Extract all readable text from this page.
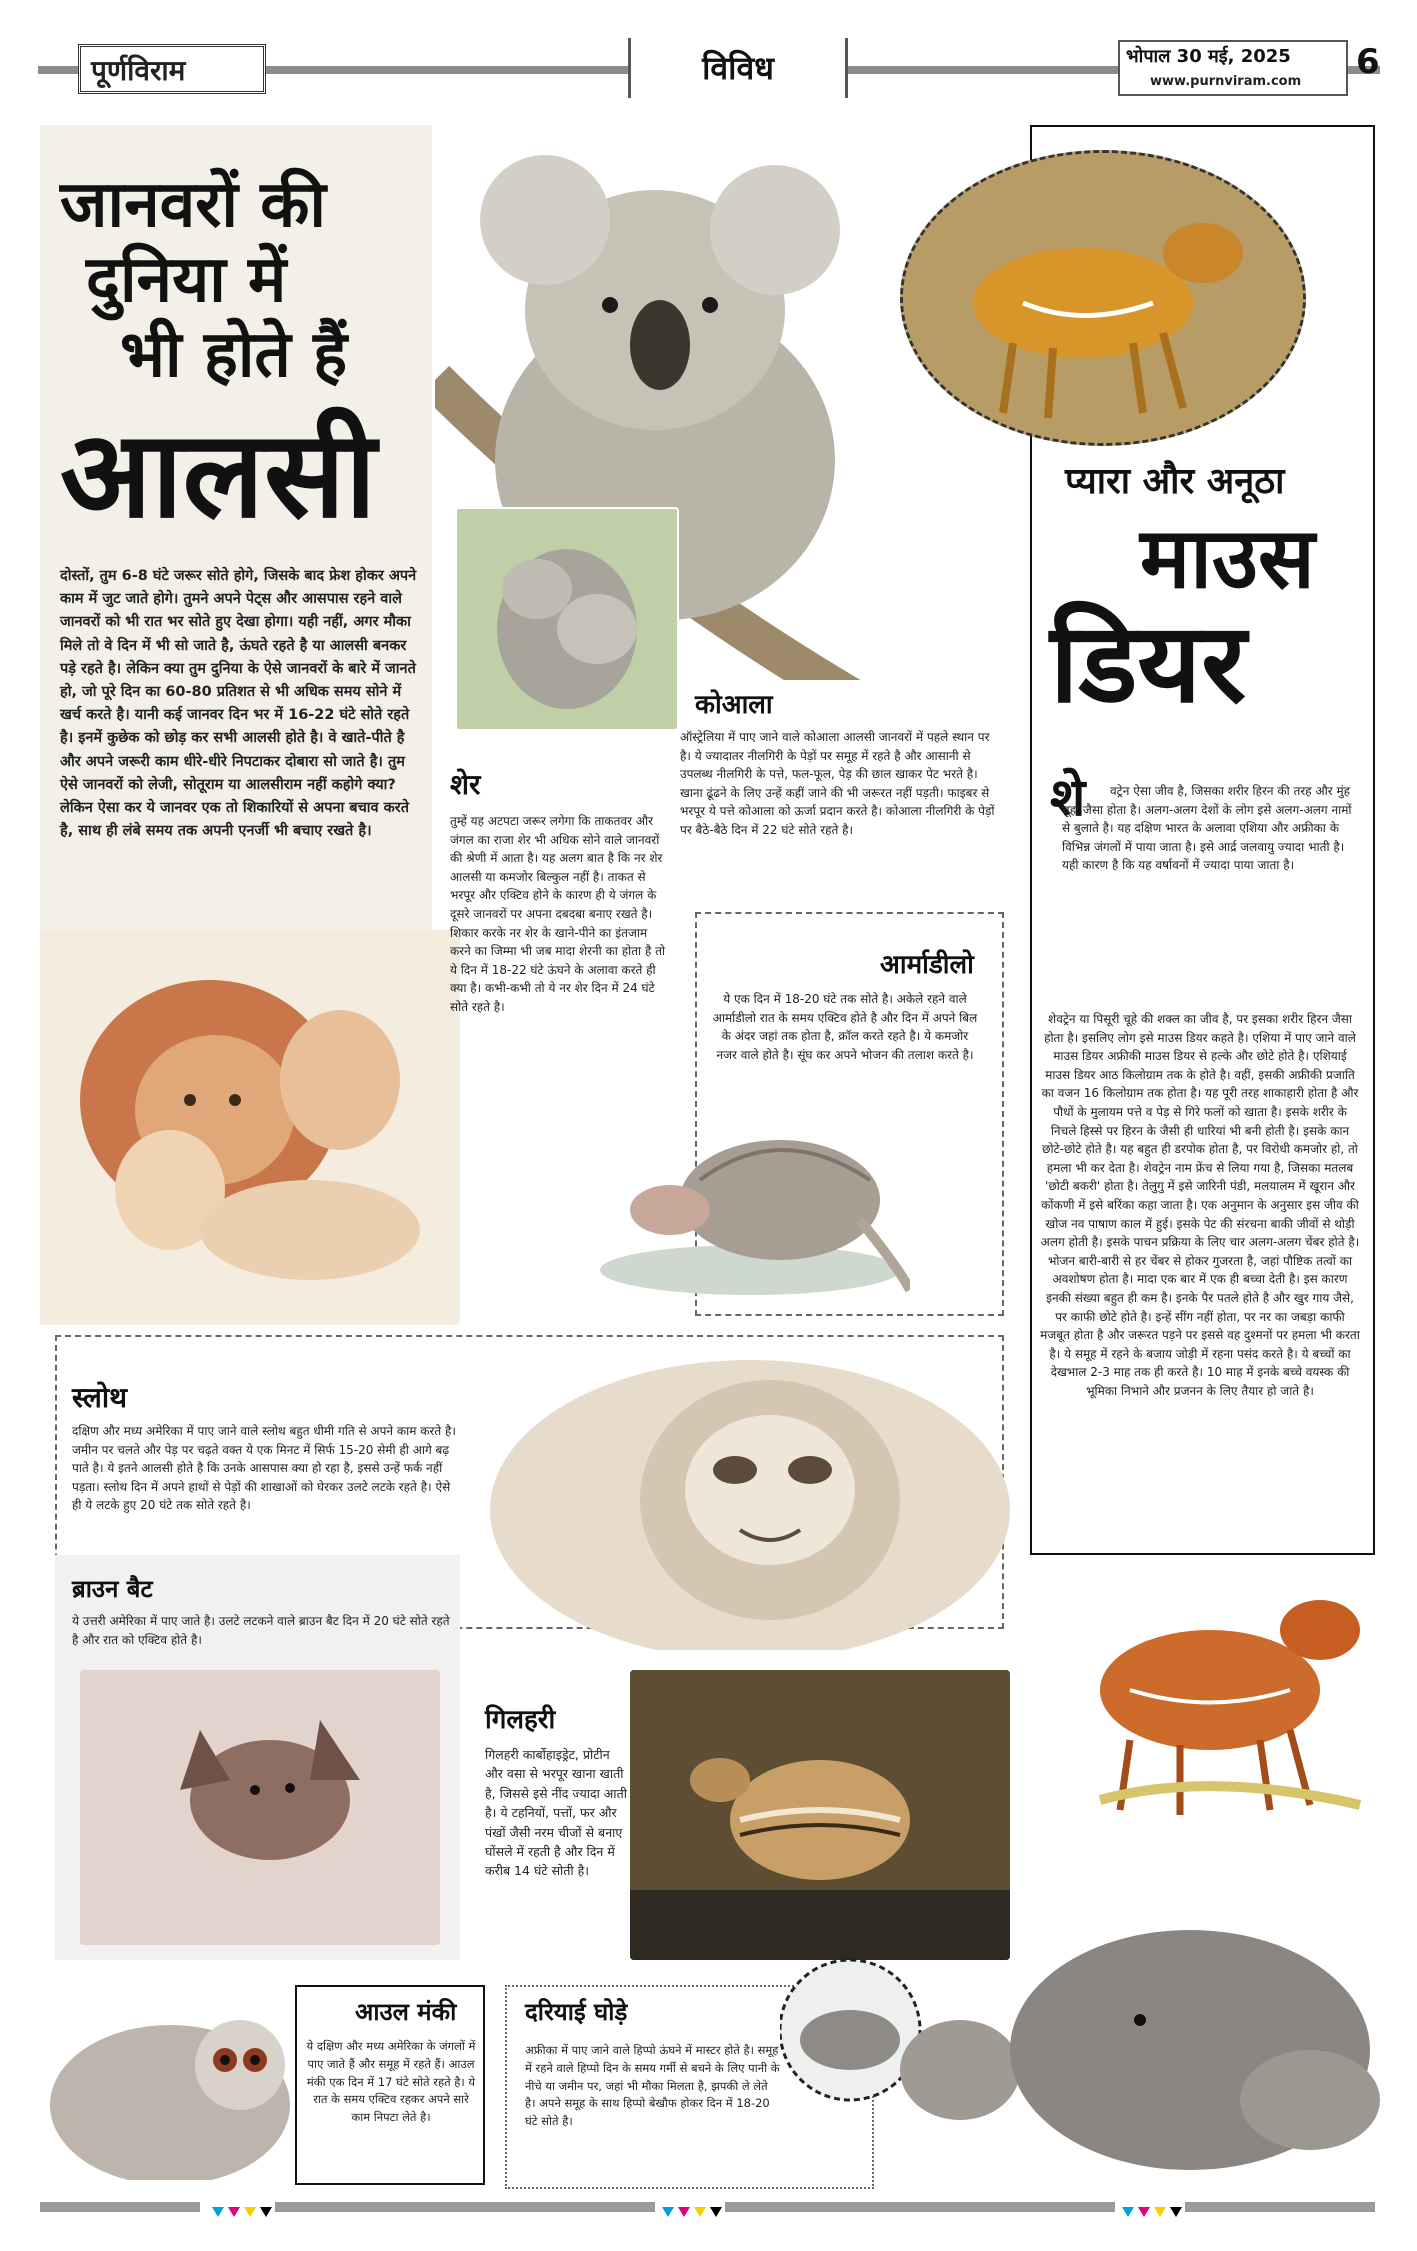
पूर्णविराम	विविध	भोपाल 30 मई, 2025
www.purnviram.com 6
जानवरों की
दुनिया में
भी होते हैं
आलसी
दोस्तों, तुम 6-8 घंटे जरूर सोते होगे, जिसके बाद फ्रेश होकर अपने काम में जुट जाते होगे। तुमने अपने पेट्स और आसपास रहने वाले जानवरों को भी रात भर सोते हुए देखा होगा। यही नहीं, अगर मौका मिले तो वे दिन में भी सो जाते है, ऊंघते रहते है या आलसी बनकर पड़े रहते है। लेकिन क्या तुम दुनिया के ऐसे जानवरों के बारे में जानते हो, जो पूरे दिन का 60-80 प्रतिशत से भी अधिक समय सोने में खर्च करते है। यानी कई जानवर दिन भर में 16-22 घंटे सोते रहते है। इनमें कुछेक को छोड़ कर सभी आलसी होते है। वे खाते-पीते है और अपने जरूरी काम धीरे-धीरे निपटाकर दोबारा सो जाते है। तुम ऐसे जानवरों को लेजी, सोतूराम या आलसीराम नहीं कहोगे क्या? लेकिन ऐसा कर ये जानवर एक तो शिकारियों से अपना बचाव करते है, साथ ही लंबे समय तक अपनी एनर्जी भी बचाए रखते है।
कोआला
ऑस्ट्रेलिया में पाए जाने वाले कोआला आलसी जानवरों में पहले स्थान पर है। ये ज्यादातर नीलगिरी के पेड़ों पर समूह में रहते है और आसानी से उपलब्ध नीलगिरी के पत्ते, फल-फूल, पेड़ की छाल खाकर पेट भरते है। खाना ढूंढने के लिए उन्हें कहीं जाने की भी जरूरत नहीं पड़ती। फाइबर से भरपूर ये पत्ते कोआला को ऊर्जा प्रदान करते है। कोआला नीलगिरी के पेड़ों पर बैठे-बैठे दिन में 22 घंटे सोते रहते है।
शेर
तुम्हें यह अटपटा जरूर लगेगा कि ताकतवर और जंगल का राजा शेर भी अधिक सोने वाले जानवरों की श्रेणी में आता है। यह अलग बात है कि नर शेर आलसी या कमजोर बिल्कुल नहीं है। ताकत से भरपूर और एक्टिव होने के कारण ही ये जंगल के दूसरे जानवरों पर अपना दबदबा बनाए रखते है। शिकार करके नर शेर के खाने-पीने का इंतजाम करने का जिम्मा भी जब मादा शेरनी का होता है तो ये दिन में 18-22 घंटे ऊंघने के अलावा करते ही क्या है। कभी-कभी तो ये नर शेर दिन में 24 घंटे सोते रहते है।
आर्माडीलो
ये एक दिन में 18-20 घंटे तक सोते है। अकेले रहने वाले आर्माडीलो रात के समय एक्टिव होते है और दिन में अपने बिल के अंदर जहां तक होता है, क्रॉल करते रहते है। ये कमजोर नजर वाले होते है। सूंघ कर अपने भोजन की तलाश करते है।
प्यारा और अनूठा
माउस
डियर
शे	वट्रेन ऐसा जीव है, जिसका शरीर हिरन की तरह और मुंह चूहा जैसा होता है। अलग-अलग देशों के लोग इसे अलग-अलग नामों से बुलाते है। यह दक्षिण भारत के अलावा एशिया और अफ्रीका के विभिन्न जंगलों में पाया जाता है। इसे आर्द्र जलवायु ज्यादा भाती है। यही कारण है कि यह वर्षावनों में ज्यादा पाया जाता है।
शेवट्रेन या पिसूरी चूहे की शक्ल का जीव है, पर इसका शरीर हिरन जैसा होता है। इसलिए लोग इसे माउस डियर कहते है। एशिया में पाए जाने वाले माउस डियर अफ्रीकी माउस डियर से हल्के और छोटे होते है। एशियाई माउस डियर आठ किलोग्राम तक के होते है। वहीं, इसकी अफ्रीकी प्रजाति का वजन 16 किलोग्राम तक होता है। यह पूरी तरह शाकाहारी होता है और पौधों के मुलायम पत्ते व पेड़ से गिरे फलों को खाता है। इसके शरीर के निचले हिस्से पर हिरन के जैसी ही धारियां भी बनी होती है। इसके कान छोटे-छोटे होते है। यह बहुत ही डरपोक होता है, पर विरोधी कमजोर हो, तो हमला भी कर देता है। शेवट्रेन नाम फ्रेंच से लिया गया है, जिसका मतलब 'छोटी बकरी' होता है। तेलुगु में इसे जारिनी पंडी, मलयालम में खूरान और कोंकणी में इसे बरिंका कहा जाता है। एक अनुमान के अनुसार इस जीव की खोज नव पाषाण काल में हुई। इसके पेट की संरचना बाकी जीवों से थोड़ी अलग होती है। इसके पाचन प्रक्रिया के लिए चार अलग-अलग चेंबर होते है। भोजन बारी-बारी से हर चेंबर से होकर गुजरता है, जहां पौष्टिक तत्वों का अवशोषण होता है। मादा एक बार में एक ही बच्चा देती है। इस कारण इनकी संख्या बहुत ही कम है। इनके पैर पतले होते है और खुर गाय जैसे, पर काफी छोटे होते है। इन्हें सींग नहीं होता, पर नर का जबड़ा काफी मजबूत होता है और जरूरत पड़ने पर इससे वह दुश्मनों पर हमला भी करता है। ये समूह में रहने के बजाय जोड़ी में रहना पसंद करते है। ये बच्चों का देखभाल 2-3 माह तक ही करते है। 10 माह में इनके बच्चे वयस्क की भूमिका निभाने और प्रजनन के लिए तैयार हो जाते है।
स्लोथ
दक्षिण और मध्य अमेरिका में पाए जाने वाले स्लोथ बहुत धीमी गति से अपने काम करते है। जमीन पर चलते और पेड़ पर चढ़ते वक्त ये एक मिनट में सिर्फ 15-20 सेमी ही आगे बढ़ पाते है। ये इतने आलसी होते है कि उनके आसपास क्या हो रहा है, इससे उन्हें फर्क नहीं पड़ता। स्लोथ दिन में अपने हाथों से पेड़ों की शाखाओं को घेरकर उलटे लटके रहते है। ऐसे ही ये लटके हुए 20 घंटे तक सोते रहते है।
ब्राउन बैट
ये उत्तरी अमेरिका में पाए जाते है। उलटे लटकने वाले ब्राउन बैट दिन में 20 घंटे सोते रहते है और रात को एक्टिव होते है।
गिलहरी
गिलहरी कार्बोहाइड्रेट, प्रोटीन और वसा से भरपूर खाना खाती है, जिससे इसे नींद ज्यादा आती है। ये टहनियों, पत्तों, फर और पंखों जैसी नरम चीजों से बनाए घोंसले में रहती है और दिन में करीब 14 घंटे सोती है।
आउल मंकी
ये दक्षिण और मध्य अमेरिका के जंगलों में पाए जाते हैं और समूह में रहते हैं। आउल मंकी एक दिन में 17 घंटे सोते रहते है। ये रात के समय एक्टिव रहकर अपने सारे काम निपटा लेते है।
दरियाई घोड़े
अफ्रीका में पाए जाने वाले हिप्पो ऊंघने में मास्टर होते है। समूह में रहने वाले हिप्पो दिन के समय गर्मी से बचने के लिए पानी के नीचे या जमीन पर, जहां भी मौका मिलता है, झपकी ले लेते है। अपने समूह के साथ हिप्पो बेखौफ होकर दिन में 18-20 घंटे सोते है।
